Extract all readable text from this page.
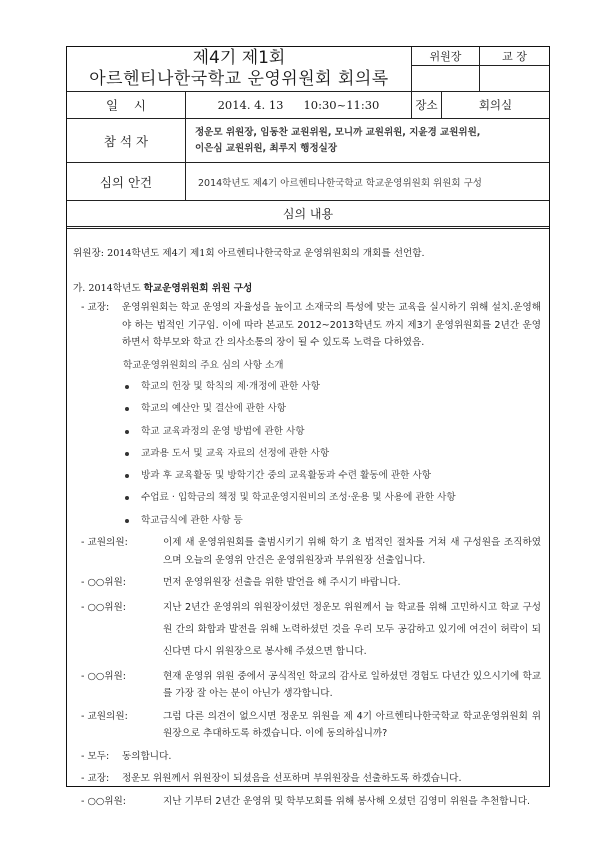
제4기 제1회
아르헨티나한국학교 운영위원회 회의록
위원장	교 장
일    시	2014. 4. 13 10:30~11:30	장소	회의실
참 석 자
정운모 위원장, 임동찬 교원위원, 모니까 교원위원, 지윤경 교원위원,
이은심 교원위원, 최루지 행정실장
심의 안건	2014학년도 제4기 아르헨티나한국학교 학교운영위원회 위원회 구성
심의 내용
위원장: 2014학년도 제4기 제1회 아르헨티나한국학교 운영위원회의 개회를 선언함.
가. 2014학년도 학교운영위원회 위원 구성
- 교장: 운영위원회는 학교 운영의 자율성을 높이고 소재국의 특성에 맞는 교육을 실시하기 위해 설치.운영해야 하는 법적인 기구임. 이에 따라 본교도 2012~2013학년도 까지 제3기 운영위원회를 2년간 운영하면서 학부모와 학교 간 의사소통의 장이 될 수 있도록 노력을 다하였음.
학교운영위원회의 주요 심의 사항 소개
학교의 헌장 및 학칙의 제·개정에 관한 사항
학교의 예산안 및 결산에 관한 사항
학교 교육과정의 운영 방법에 관한 사항
교과용 도서 및 교육 자료의 선정에 관한 사항
방과 후 교육활동 및 방학기간 중의 교육활동과 수련 활동에 관한 사항
수업료 · 입학금의 책정 및 학교운영지원비의 조성·운용 및 사용에 관한 사항
학교급식에 관한 사항 등
- 교원의원:	이제 새 운영위원회를 출범시키기 위해 학기 초 법적인 절차를 거쳐 새 구성원을 조직하였으며 오늘의 운영위 안건은 운영위원장과 부위원장 선출입니다.
- ○○위원:	먼저 운영위원장 선출을 위한 발언을 해 주시기 바랍니다.
- ○○위원:	지난 2년간 운영위의 위원장이셨던 정운모 위원께서 늘 학교를 위해 고민하시고 학교 구성원 간의 화합과 발전을 위해 노력하셨던 것을 우리 모두 공감하고 있기에 여건이 허락이 되신다면 다시 위원장으로 봉사해 주셨으면 합니다.
- ○○위원:	현재 운영위 위원 중에서 공식적인 학교의 감사로 일하셨던 경험도 다년간 있으시기에 학교를 가장 잘 아는 분이 아닌가 생각합니다.
- 교원의원:	그럼 다른 의견이 없으시면 정운모 위원을 제 4기 아르헨티나한국학교 학교운영위원회 위원장으로 추대하도록 하겠습니다. 이에 동의하십니까?
- 모두: 동의합니다.
- 교장: 정운모 위원께서 위원장이 되셨음을 선포하며 부위원장을 선출하도록 하겠습니다.
- ○○위원:	지난 기부터 2년간 운영위 및 학부모회를 위해 봉사해 오셨던 김영미 위원을 추천합니다.
